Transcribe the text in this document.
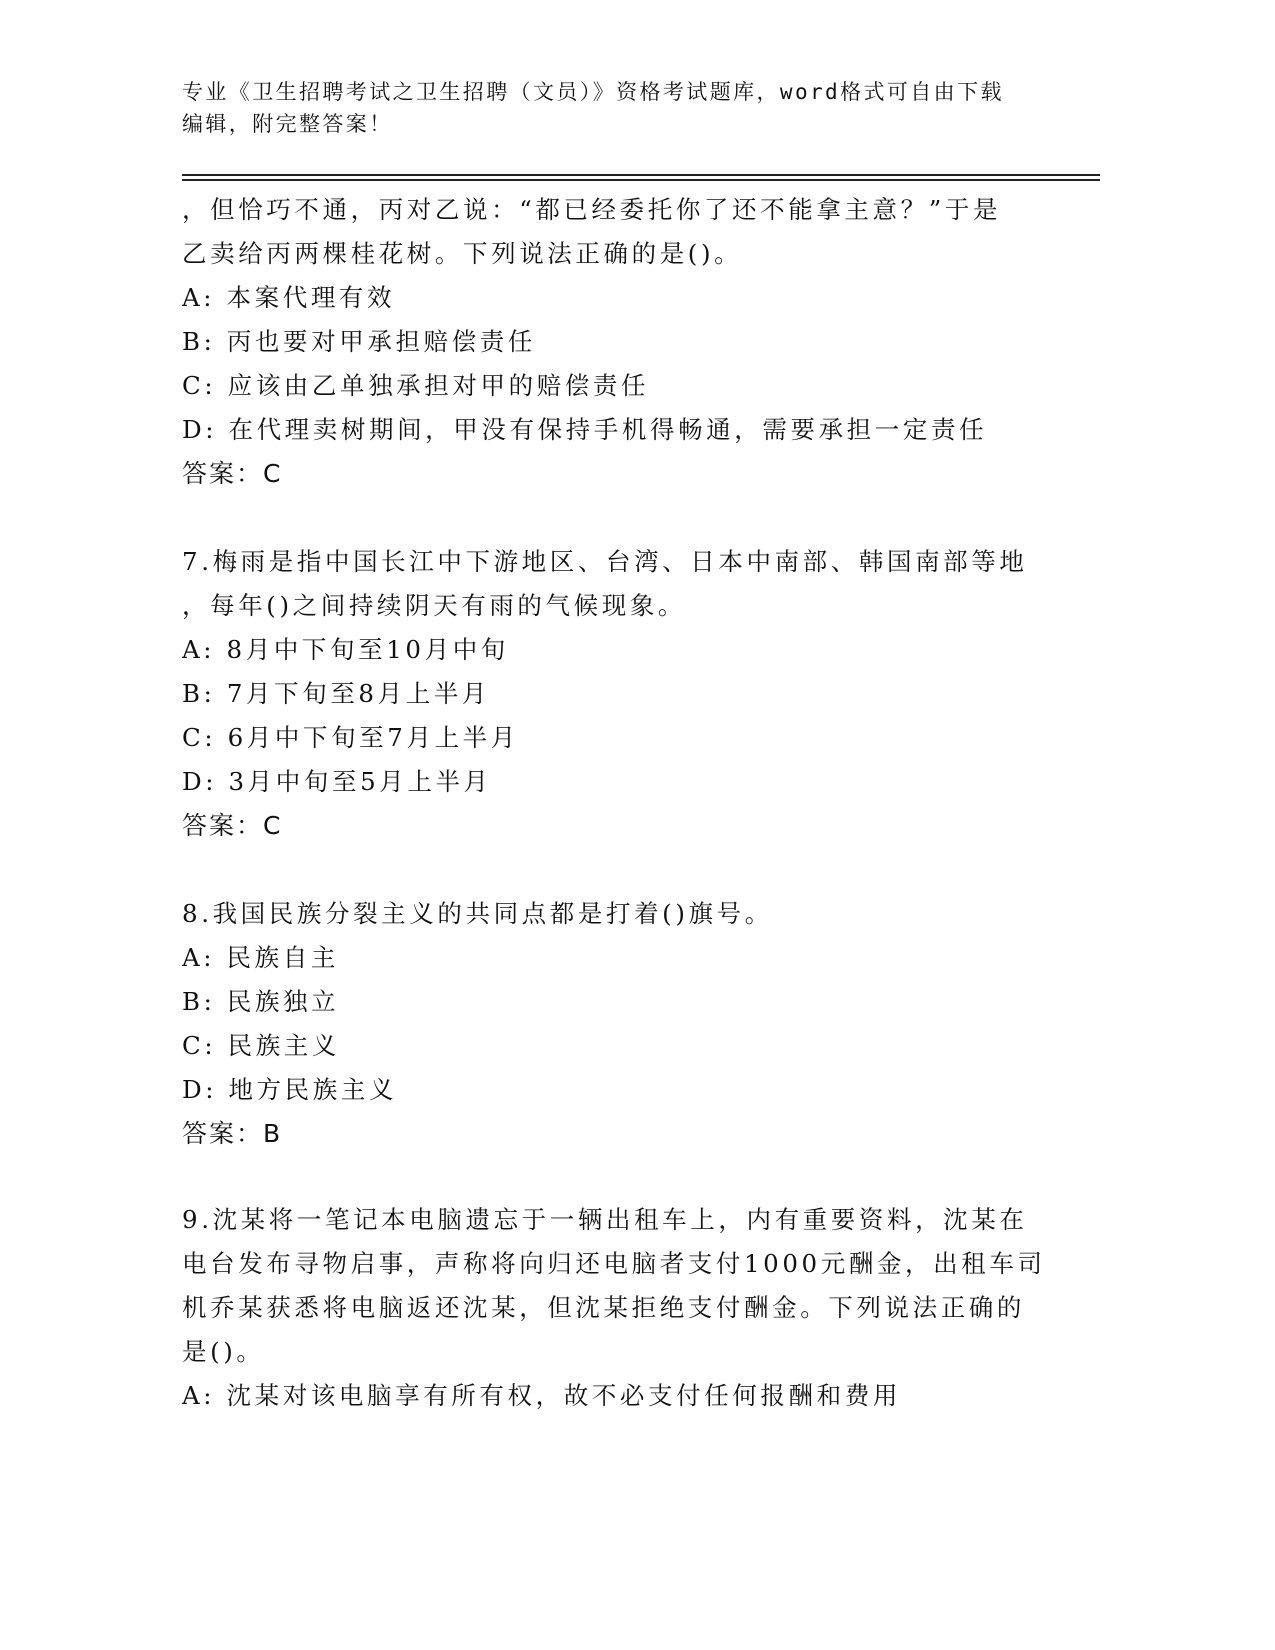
专业《卫生招聘考试之卫生招聘（文员）》资格考试题库，word格式可自由下载
编辑，附完整答案！
，但恰巧不通，丙对乙说：“都已经委托你了还不能拿主意？”于是
乙卖给丙两棵桂花树。下列说法正确的是()。
A: 本案代理有效
B: 丙也要对甲承担赔偿责任
C: 应该由乙单独承担对甲的赔偿责任
D: 在代理卖树期间，甲没有保持手机得畅通，需要承担一定责任
答案：C
7.梅雨是指中国长江中下游地区、台湾、日本中南部、韩国南部等地
，每年()之间持续阴天有雨的气候现象。
A: 8月中下旬至10月中旬
B: 7月下旬至8月上半月
C: 6月中下旬至7月上半月
D: 3月中旬至5月上半月
答案：C
8.我国民族分裂主义的共同点都是打着()旗号。
A: 民族自主
B: 民族独立
C: 民族主义
D: 地方民族主义
答案：B
9.沈某将一笔记本电脑遗忘于一辆出租车上，内有重要资料，沈某在
电台发布寻物启事，声称将向归还电脑者支付1000元酬金，出租车司
机乔某获悉将电脑返还沈某，但沈某拒绝支付酬金。下列说法正确的
是()。
A: 沈某对该电脑享有所有权，故不必支付任何报酬和费用
